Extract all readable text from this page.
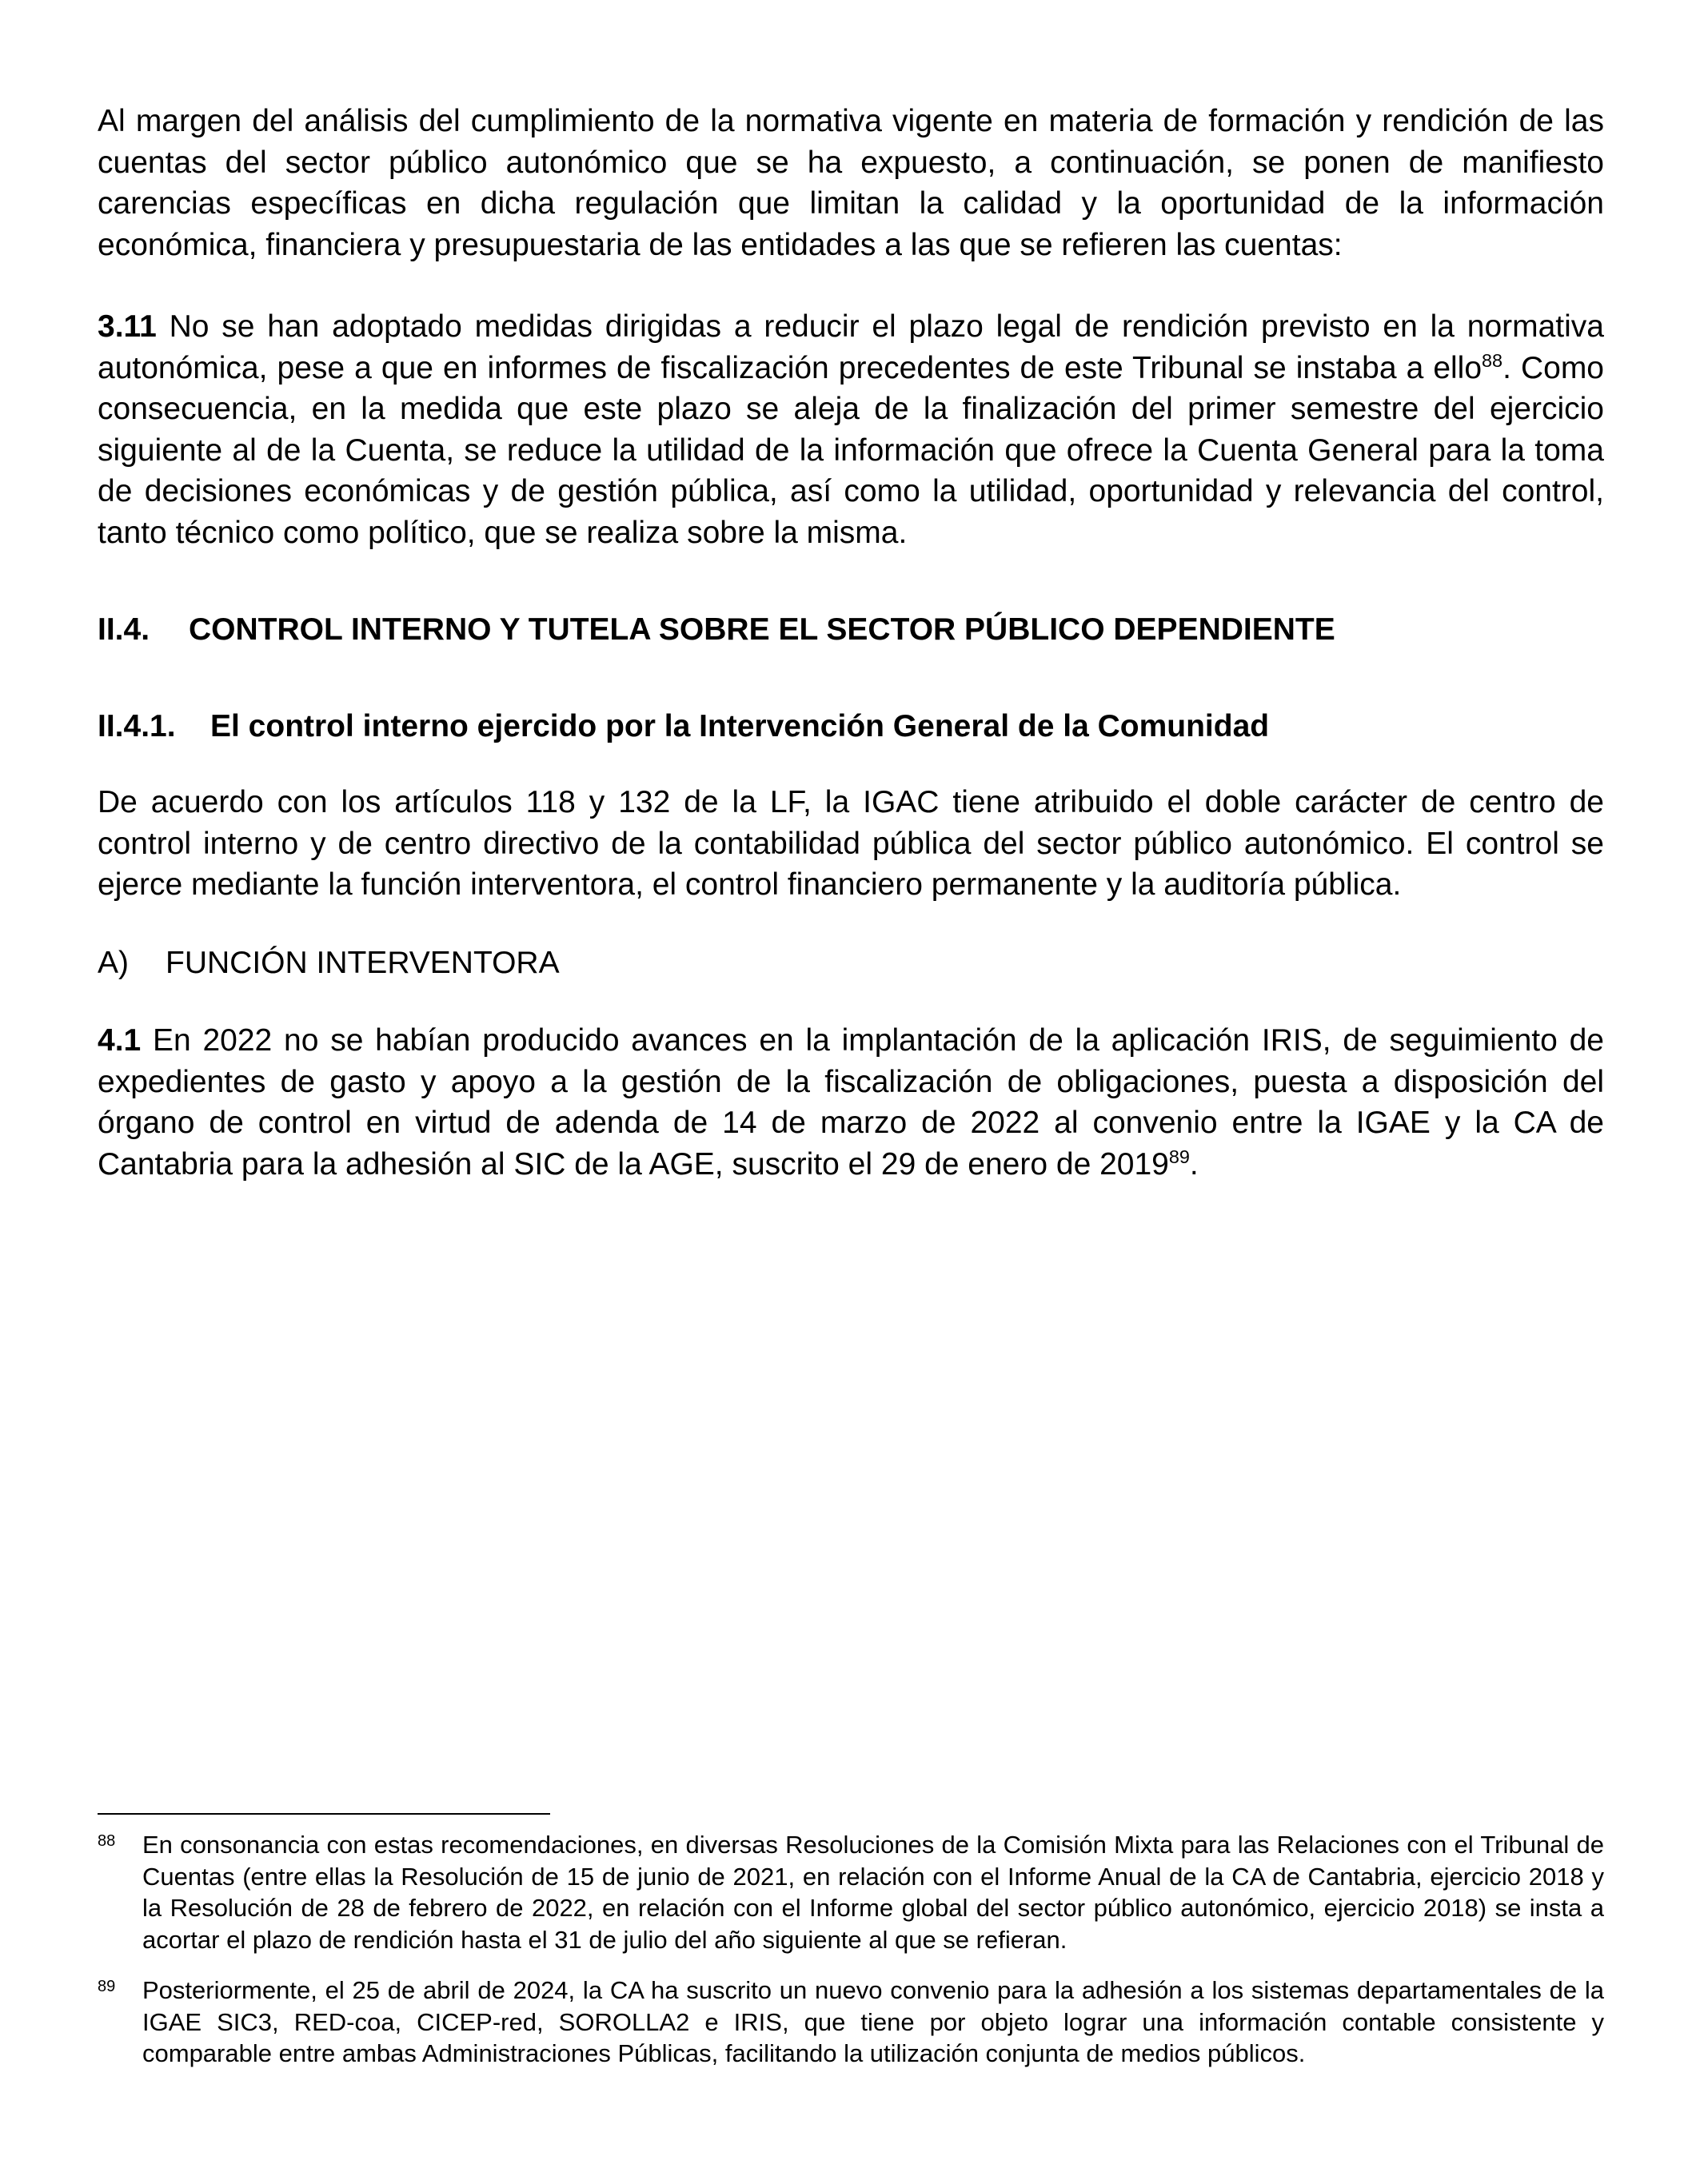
Al margen del análisis del cumplimiento de la normativa vigente en materia de formación y rendición de las cuentas del sector público autonómico que se ha expuesto, a continuación, se ponen de manifiesto carencias específicas en dicha regulación que limitan la calidad y la oportunidad de la información económica, financiera y presupuestaria de las entidades a las que se refieren las cuentas:

3.11 No se han adoptado medidas dirigidas a reducir el plazo legal de rendición previsto en la normativa autonómica, pese a que en informes de fiscalización precedentes de este Tribunal se instaba a ello$^{88}$. Como consecuencia, en la medida que este plazo se aleja de la finalización del primer semestre del ejercicio siguiente al de la Cuenta, se reduce la utilidad de la información que ofrece la Cuenta General para la toma de decisiones económicas y de gestión pública, así como la utilidad, oportunidad y relevancia del control, tanto técnico como político, que se realiza sobre la misma.

II.4. CONTROL INTERNO Y TUTELA SOBRE EL SECTOR PÚBLICO DEPENDIENTE
II.4.1. El control interno ejercido por la Intervención General de la Comunidad

De acuerdo con los artículos 118 y 132 de la LF, la IGAC tiene atribuido el doble carácter de centro de control interno y de centro directivo de la contabilidad pública del sector público autonómico. El control se ejerce mediante la función interventora, el control financiero permanente y la auditoría pública.

A) FUNCIÓN INTERVENTORA

4.1 En 2022 no se habían producido avances en la implantación de la aplicación IRIS, de seguimiento de expedientes de gasto y apoyo a la gestión de la fiscalización de obligaciones, puesta a disposición del órgano de control en virtud de adenda de 14 de marzo de 2022 al convenio entre la IGAE y la CA de Cantabria para la adhesión al SIC de la AGE, suscrito el 29 de enero de 2019$^{89}$.

88	En consonancia con estas recomendaciones, en diversas Resoluciones de la Comisión Mixta para las Relaciones con el Tribunal de Cuentas (entre ellas la Resolución de 15 de junio de 2021, en relación con el Informe Anual de la CA de Cantabria, ejercicio 2018 y la Resolución de 28 de febrero de 2022, en relación con el Informe global del sector público autonómico, ejercicio 2018) se insta a acortar el plazo de rendición hasta el 31 de julio del año siguiente al que se refieran.
89	Posteriormente, el 25 de abril de 2024, la CA ha suscrito un nuevo convenio para la adhesión a los sistemas departamentales de la IGAE SIC3, RED-coa, CICEP-red, SOROLLA2 e IRIS, que tiene por objeto lograr una información contable consistente y comparable entre ambas Administraciones Públicas, facilitando la utilización conjunta de medios públicos.
